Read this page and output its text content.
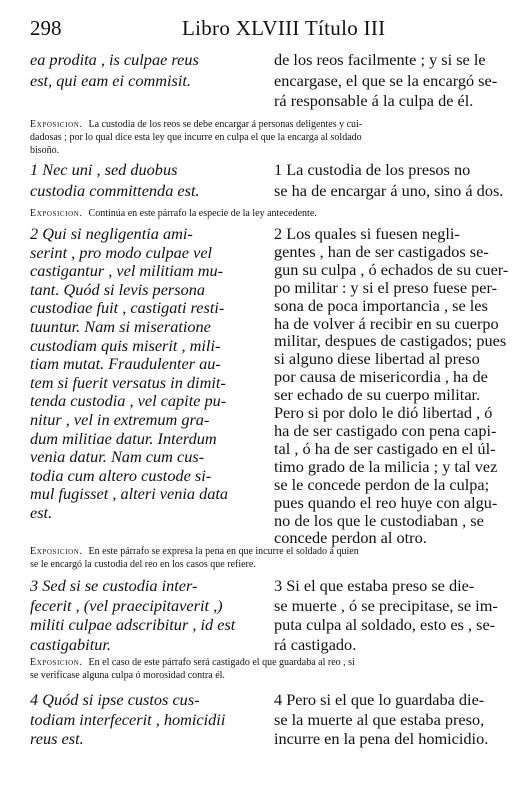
298	Libro XLVIII Título III

ea prodita , is culpae reus

est, qui eam ei commisit.

de los reos facilmente ; y si se le

encargase, el que se la encargó se-

rá responsable á la culpa de él.

Exposicion. La custodia de los reos se debe encargar á personas deligentes y cui-

dadosas ; por lo qual dice esta ley que incurre en culpa el que la encarga al soldado

bisoño.

1 Nec uni , sed duobus

custodia committenda est.

1 La custodia de los presos no

se ha de encargar á uno, sino á dos.

Exposicion. Continúa en este párrafo la especie de la ley antecedente.

2 Qui si negligentia ami-

serint , pro modo culpae vel

castigantur , vel militiam mu-

tant. Quód si levis persona

custodiae fuit , castigati resti-

tuuntur. Nam si miseratione

custodiam quis miserit , mili-

tiam mutat. Fraudulenter au-

tem si fuerit versatus in dimit-

tenda custodia , vel capite pu-

nitur , vel in extremum gra-

dum militiae datur. Interdum

venia datur. Nam cum cus-

todia cum altero custode si-

mul fugisset , alteri venia data

est.

2 Los quales si fuesen negli-

gentes , han de ser castigados se-

gun su culpa , ó echados de su cuer-

po militar : y si el preso fuese per-

sona de poca importancia , se les

ha de volver á recibir en su cuerpo

militar, despues de castigados; pues

si alguno diese libertad al preso

por causa de misericordia , ha de

ser echado de su cuerpo militar.

Pero si por dolo le dió libertad , ó

ha de ser castigado con pena capi-

tal , ó ha de ser castigado en el úl-

timo grado de la milicia ; y tal vez

se le concede perdon de la culpa;

pues quando el reo huye con algu-

no de los que le custodiaban , se

concede perdon al otro.

Exposicion. En este párrafo se expresa la pena en que incurre el soldado á quien

se le encargó la custodia del reo en los casos que refiere.

3 Sed si se custodia inter-

fecerit , (vel praecipitaverit ,)

militi culpae adscribitur , id est

castigabitur.

3 Si el que estaba preso se die-

se muerte , ó se precipitase, se im-

puta culpa al soldado, esto es , se-

rá castigado.

Exposicion. En el caso de este párrafo será castigado el que guardaba al reo , si

se verificase alguna culpa ó morosidad contra él.

4 Quód si ipse custos cus-

todiam interfecerit , homicidii

reus est.

4 Pero si el que lo guardaba die-

se la muerte al que estaba preso,

incurre en la pena del homicidio.
